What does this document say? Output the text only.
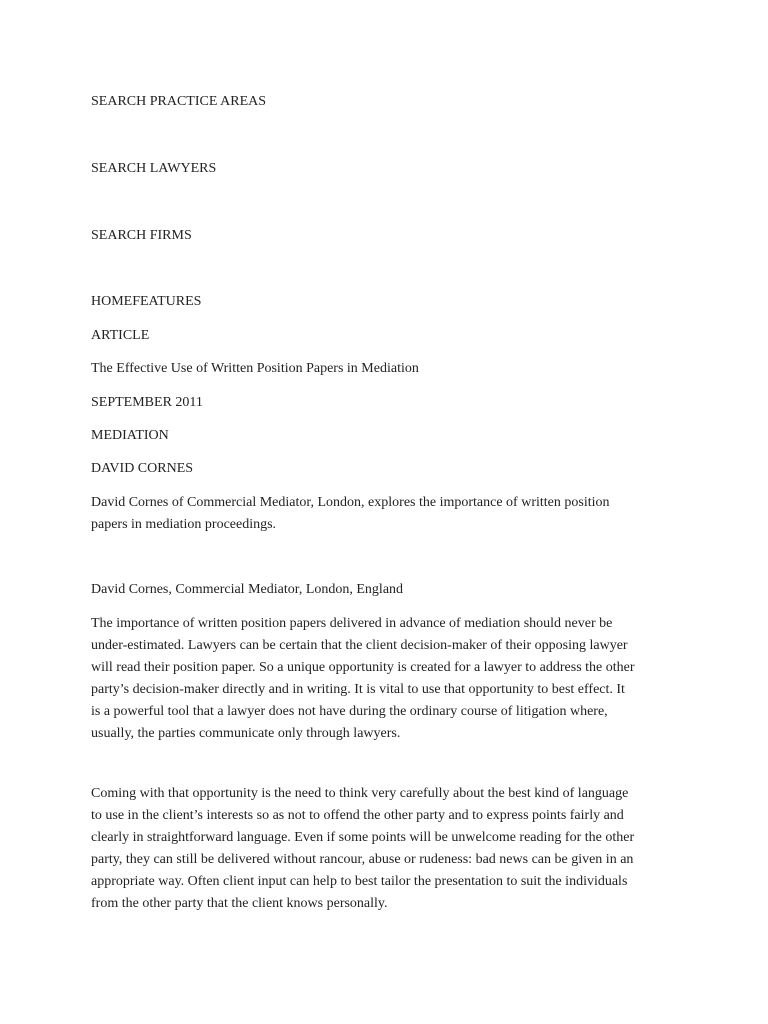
SEARCH PRACTICE AREAS
SEARCH LAWYERS
SEARCH FIRMS
HOMEFEATURES
ARTICLE
The Effective Use of Written Position Papers in Mediation
SEPTEMBER 2011
MEDIATION
DAVID CORNES
David Cornes of Commercial Mediator, London, explores the importance of written position
papers in mediation proceedings.
David Cornes, Commercial Mediator, London, England
The importance of written position papers delivered in advance of mediation should never be
under-estimated. Lawyers can be certain that the client decision-maker of their opposing lawyer
will read their position paper. So a unique opportunity is created for a lawyer to address the other
party’s decision-maker directly and in writing. It is vital to use that opportunity to best effect. It
is a powerful tool that a lawyer does not have during the ordinary course of litigation where,
usually, the parties communicate only through lawyers.
Coming with that opportunity is the need to think very carefully about the best kind of language
to use in the client’s interests so as not to offend the other party and to express points fairly and
clearly in straightforward language. Even if some points will be unwelcome reading for the other
party, they can still be delivered without rancour, abuse or rudeness: bad news can be given in an
appropriate way. Often client input can help to best tailor the presentation to suit the individuals
from the other party that the client knows personally.
